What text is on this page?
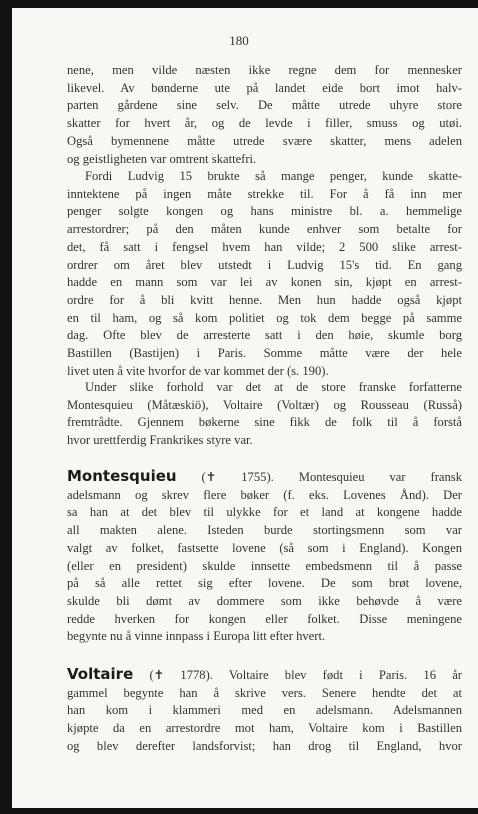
180
nene, men vilde næsten ikke regne dem for mennesker
likevel. Av bønderne ute på landet eide bort imot halv-
parten gårdene sine selv. De måtte utrede uhyre store
skatter for hvert år, og de levde i filler, smuss og utøi.
Også bymennene måtte utrede svære skatter, mens adelen
og geistligheten var omtrent skattefri.
Fordi Ludvig 15 brukte så mange penger, kunde skatte-
inntektene på ingen måte strekke til. For å få inn mer
penger solgte kongen og hans ministre bl. a. hemmelige
arrestordrer; på den måten kunde enhver som betalte for
det, få satt i fengsel hvem han vilde; 2 500 slike arrest-
ordrer om året blev utstedt i Ludvig 15's tid. En gang
hadde en mann som var lei av konen sin, kjøpt en arrest-
ordre for å bli kvitt henne. Men hun hadde også kjøpt
en til ham, og så kom politiet og tok dem begge på samme
dag. Ofte blev de arresterte satt i den høie, skumle borg
Bastillen (Bastijen) i Paris. Somme måtte være der hele
livet uten å vite hvorfor de var kommet der (s. 190).
Under slike forhold var det at de store franske forfatterne
Montesquieu (Måtæskiö), Voltaire (Voltær) og Rousseau (Russå)
fremtrådte. Gjennem bøkerne sine fikk de folk til å forstå
hvor urettferdig Frankrikes styre var.
Montesquieu (✝ 1755). Montesquieu var fransk
adelsmann og skrev flere bøker (f. eks. Lovenes Ånd). Der
sa han at det blev til ulykke for et land at kongene hadde
all makten alene. Isteden burde stortingsmenn som var
valgt av folket, fastsette lovene (så som i England). Kongen
(eller en president) skulde innsette embedsmenn til å passe
på så alle rettet sig efter lovene. De som brøt lovene,
skulde bli dømt av dommere som ikke behøvde å være
redde hverken for kongen eller folket. Disse meningene
begynte nu å vinne innpass i Europa litt efter hvert.
Voltaire (✝ 1778). Voltaire blev født i Paris. 16 år
gammel begynte han å skrive vers. Senere hendte det at
han kom i klammeri med en adelsmann. Adelsmannen
kjøpte da en arrestordre mot ham, Voltaire kom i Bastillen
og blev derefter landsforvist; han drog til England, hvor
